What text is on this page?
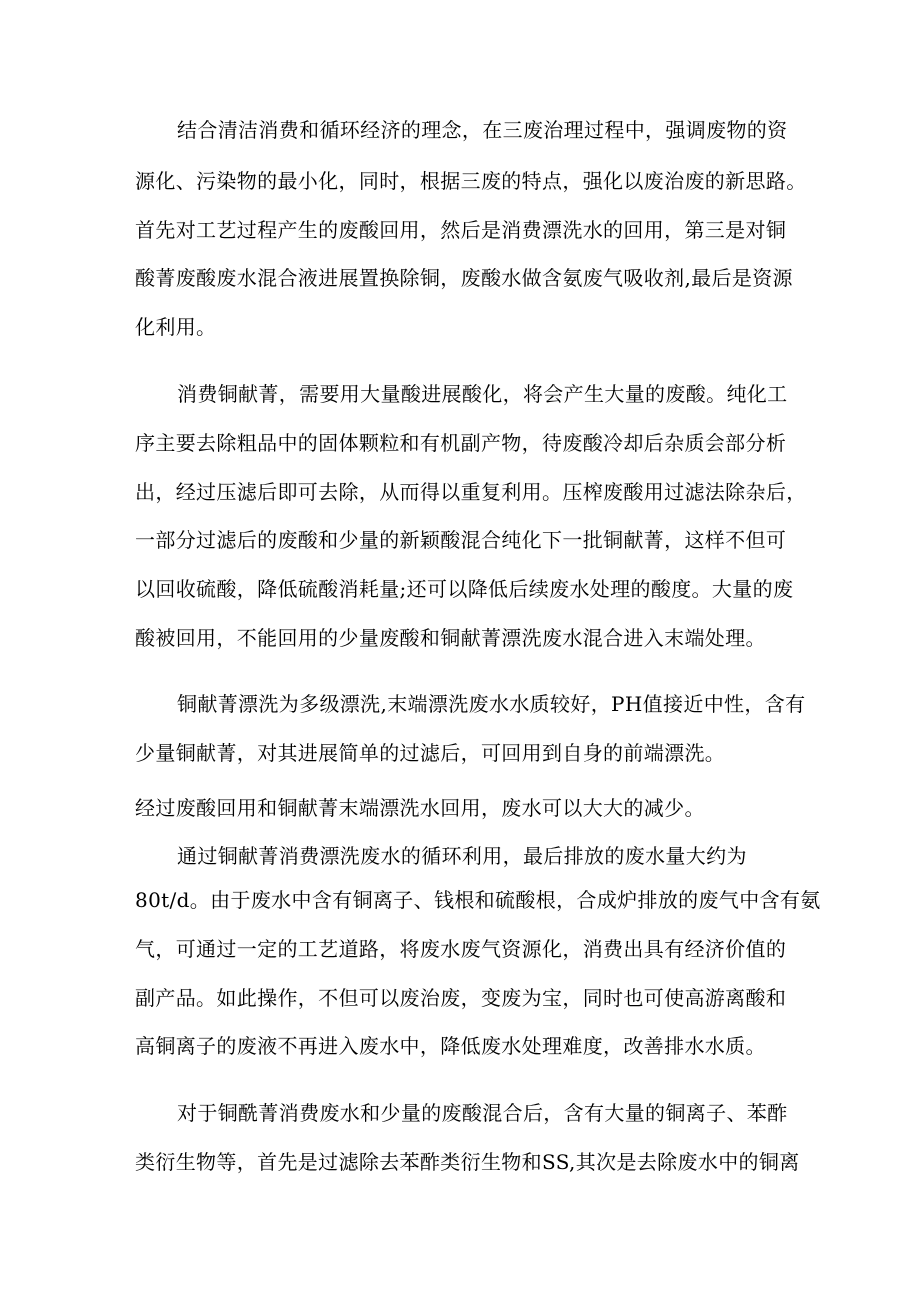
结合清洁消费和循环经济的理念，在三废治理过程中，强调废物的资
源化、污染物的最小化，同时，根据三废的特点，强化以废治废的新思路。
首先对工艺过程产生的废酸回用，然后是消费漂洗水的回用，第三是对铜
酸菁废酸废水混合液进展置换除铜，废酸水做含氨废气吸收剂,最后是资源
化利用。
消费铜献菁，需要用大量酸进展酸化，将会产生大量的废酸。纯化工
序主要去除粗品中的固体颗粒和有机副产物，待废酸冷却后杂质会部分析
出，经过压滤后即可去除，从而得以重复利用。压榨废酸用过滤法除杂后，
一部分过滤后的废酸和少量的新颖酸混合纯化下一批铜献菁，这样不但可
以回收硫酸，降低硫酸消耗量;还可以降低后续废水处理的酸度。大量的废
酸被回用，不能回用的少量废酸和铜献菁漂洗废水混合进入末端处理。
铜献菁漂洗为多级漂洗,末端漂洗废水水质较好，PH值接近中性，含有
少量铜献菁，对其进展简单的过滤后，可回用到自身的前端漂洗。
经过废酸回用和铜献菁末端漂洗水回用，废水可以大大的减少。
通过铜献菁消费漂洗废水的循环利用，最后排放的废水量大约为
80t∕d。由于废水中含有铜离子、钱根和硫酸根，合成炉排放的废气中含有氨
气，可通过一定的工艺道路，将废水废气资源化，消费出具有经济价值的
副产品。如此操作，不但可以废治废，变废为宝，同时也可使高游离酸和
高铜离子的废液不再进入废水中，降低废水处理难度，改善排水水质。
对于铜酰菁消费废水和少量的废酸混合后，含有大量的铜离子、苯酢
类衍生物等，首先是过滤除去苯酢类衍生物和SS,其次是去除废水中的铜离
